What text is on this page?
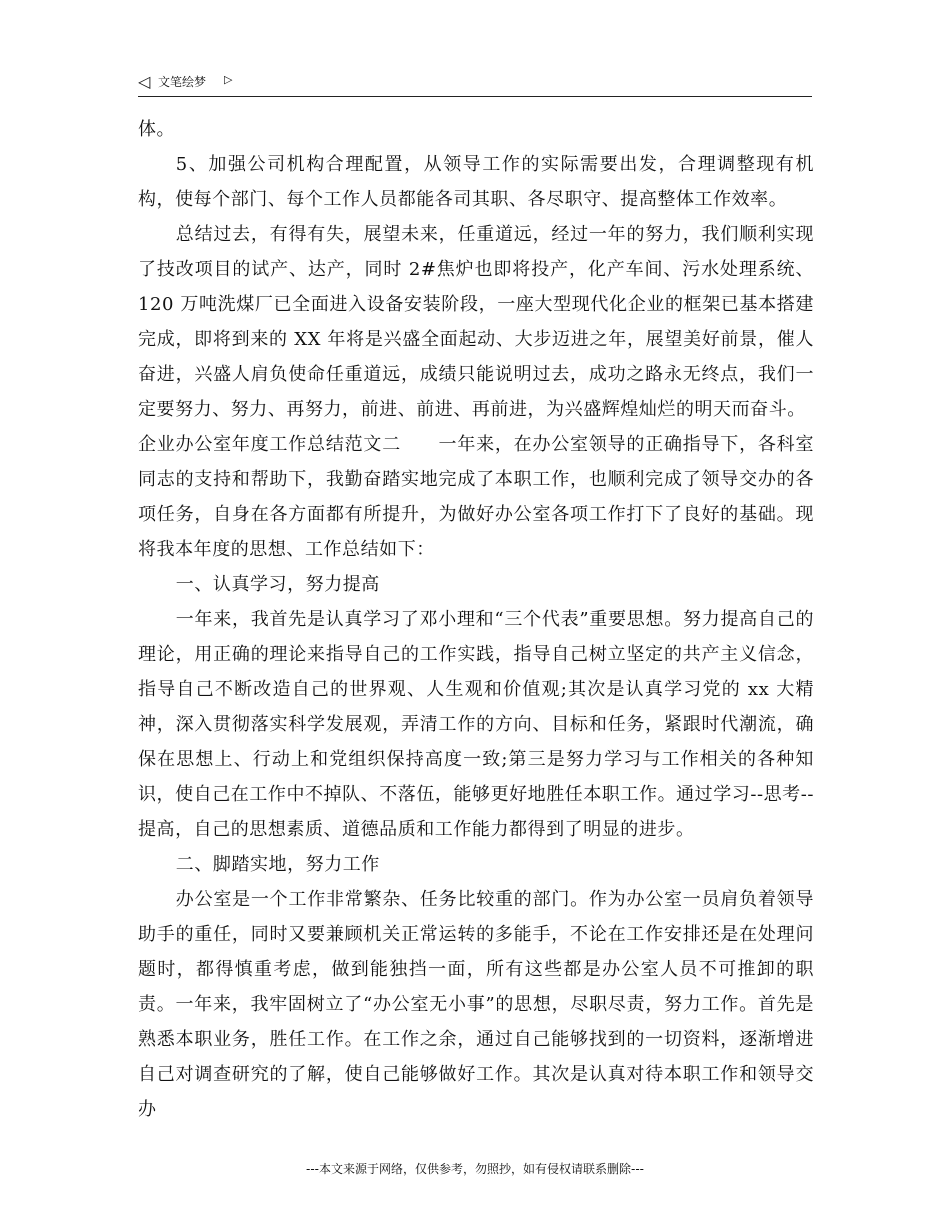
◁ 文笔绘梦 ▷

体。

5、加强公司机构合理配置，从领导工作的实际需要出发，合理调整现有机构，使每个部门、每个工作人员都能各司其职、各尽职守、提高整体工作效率。

总结过去，有得有失，展望未来，任重道远，经过一年的努力，我们顺利实现了技改项目的试产、达产，同时 2#焦炉也即将投产，化产车间、污水处理系统、120 万吨洗煤厂已全面进入设备安装阶段，一座大型现代化企业的框架已基本搭建完成，即将到来的 XX 年将是兴盛全面起动、大步迈进之年，展望美好前景，催人奋进，兴盛人肩负使命任重道远，成绩只能说明过去，成功之路永无终点，我们一定要努力、努力、再努力，前进、前进、再前进，为兴盛辉煌灿烂的明天而奋斗。

企业办公室年度工作总结范文二　　一年来，在办公室领导的正确指导下，各科室同志的支持和帮助下，我勤奋踏实地完成了本职工作，也顺利完成了领导交办的各项任务，自身在各方面都有所提升，为做好办公室各项工作打下了良好的基础。现将我本年度的思想、工作总结如下：

一、认真学习，努力提高

一年来，我首先是认真学习了邓小理和“三个代表”重要思想。努力提高自己的理论，用正确的理论来指导自己的工作实践，指导自己树立坚定的共产主义信念，指导自己不断改造自己的世界观、人生观和价值观;其次是认真学习党的 xx 大精神，深入贯彻落实科学发展观，弄清工作的方向、目标和任务，紧跟时代潮流，确保在思想上、行动上和党组织保持高度一致;第三是努力学习与工作相关的各种知识，使自己在工作中不掉队、不落伍，能够更好地胜任本职工作。通过学习--思考--提高，自己的思想素质、道德品质和工作能力都得到了明显的进步。

二、脚踏实地，努力工作

办公室是一个工作非常繁杂、任务比较重的部门。作为办公室一员肩负着领导助手的重任，同时又要兼顾机关正常运转的多能手，不论在工作安排还是在处理问题时，都得慎重考虑，做到能独挡一面，所有这些都是办公室人员不可推卸的职责。一年来，我牢固树立了“办公室无小事”的思想，尽职尽责，努力工作。首先是熟悉本职业务，胜任工作。在工作之余，通过自己能够找到的一切资料，逐渐增进自己对调查研究的了解，使自己能够做好工作。其次是认真对待本职工作和领导交办

---本文来源于网络，仅供参考，勿照抄，如有侵权请联系删除---
